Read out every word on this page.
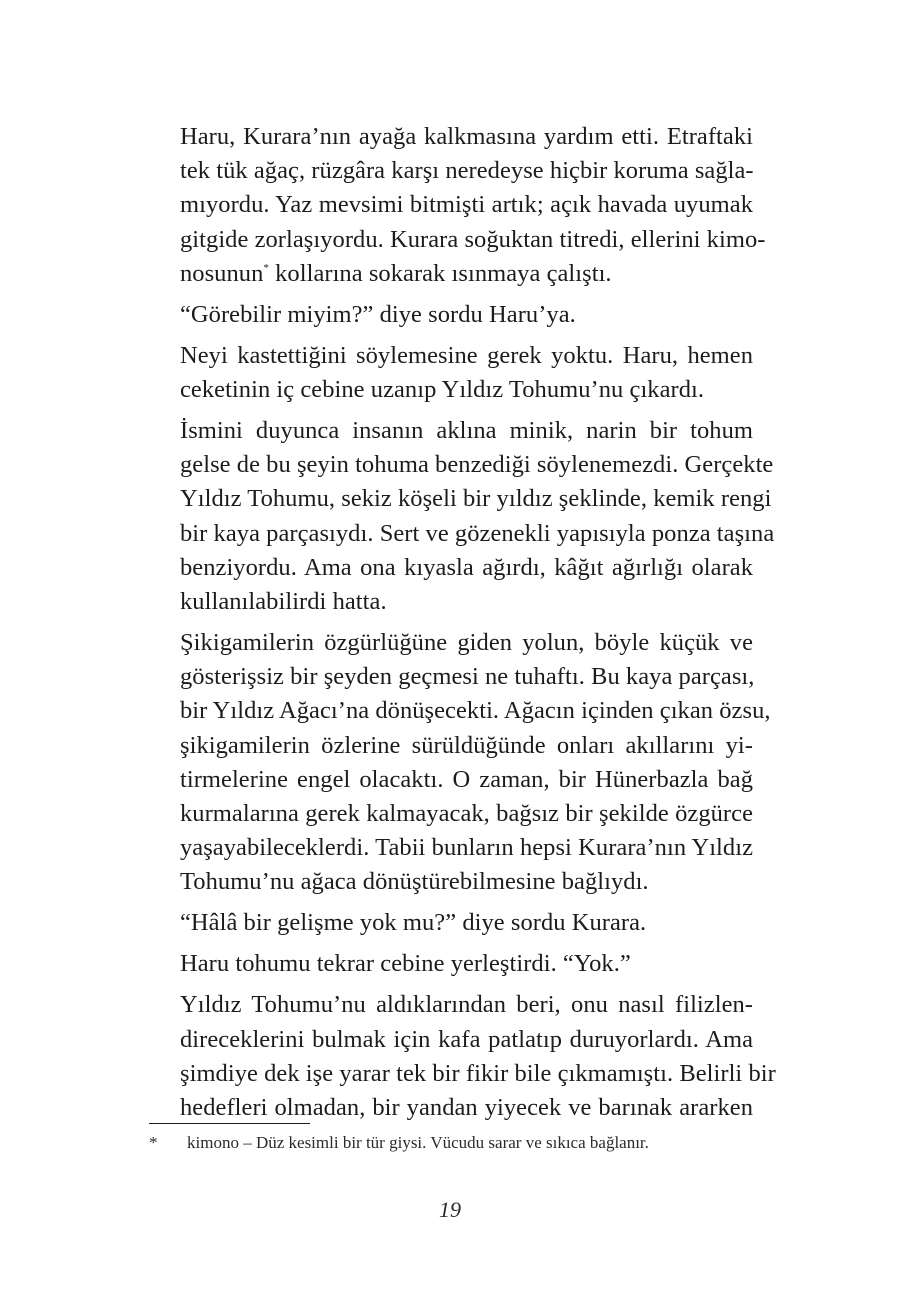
Haru, Kurara’nın ayağa kalkmasına yardım etti. Etraftaki
tek tük ağaç, rüzgâra karşı neredeyse hiçbir koruma sağla-
mıyordu. Yaz mevsimi bitmişti artık; açık havada uyumak
gitgide zorlaşıyordu. Kurara soğuktan titredi, ellerini kimo-
nosunun* kollarına sokarak ısınmaya çalıştı.

“Görebilir miyim?” diye sordu Haru’ya.

Neyi kastettiğini söylemesine gerek yoktu. Haru, hemen
ceketinin iç cebine uzanıp Yıldız Tohumu’nu çıkardı.

İsmini duyunca insanın aklına minik, narin bir tohum
gelse de bu şeyin tohuma benzediği söylenemezdi. Gerçekte
Yıldız Tohumu, sekiz köşeli bir yıldız şeklinde, kemik rengi
bir kaya parçasıydı. Sert ve gözenekli yapısıyla ponza taşına
benziyordu. Ama ona kıyasla ağırdı, kâğıt ağırlığı olarak
kullanılabilirdi hatta.

Şikigamilerin özgürlüğüne giden yolun, böyle küçük ve
gösterişsiz bir şeyden geçmesi ne tuhaftı. Bu kaya parçası,
bir Yıldız Ağacı’na dönüşecekti. Ağacın içinden çıkan özsu,
şikigamilerin özlerine sürüldüğünde onları akıllarını yi-
tirmelerine engel olacaktı. O zaman, bir Hünerbazla bağ
kurmalarına gerek kalmayacak, bağsız bir şekilde özgürce
yaşayabileceklerdi. Tabii bunların hepsi Kurara’nın Yıldız
Tohumu’nu ağaca dönüştürebilmesine bağlıydı.

“Hâlâ bir gelişme yok mu?” diye sordu Kurara.

Haru tohumu tekrar cebine yerleştirdi. “Yok.”

Yıldız Tohumu’nu aldıklarından beri, onu nasıl filizlen-
direceklerini bulmak için kafa patlatıp duruyorlardı. Ama
şimdiye dek işe yarar tek bir fikir bile çıkmamıştı. Belirli bir
hedefleri olmadan, bir yandan yiyecek ve barınak ararken

* kimono – Düz kesimli bir tür giysi. Vücudu sarar ve sıkıca bağlanır.
19
